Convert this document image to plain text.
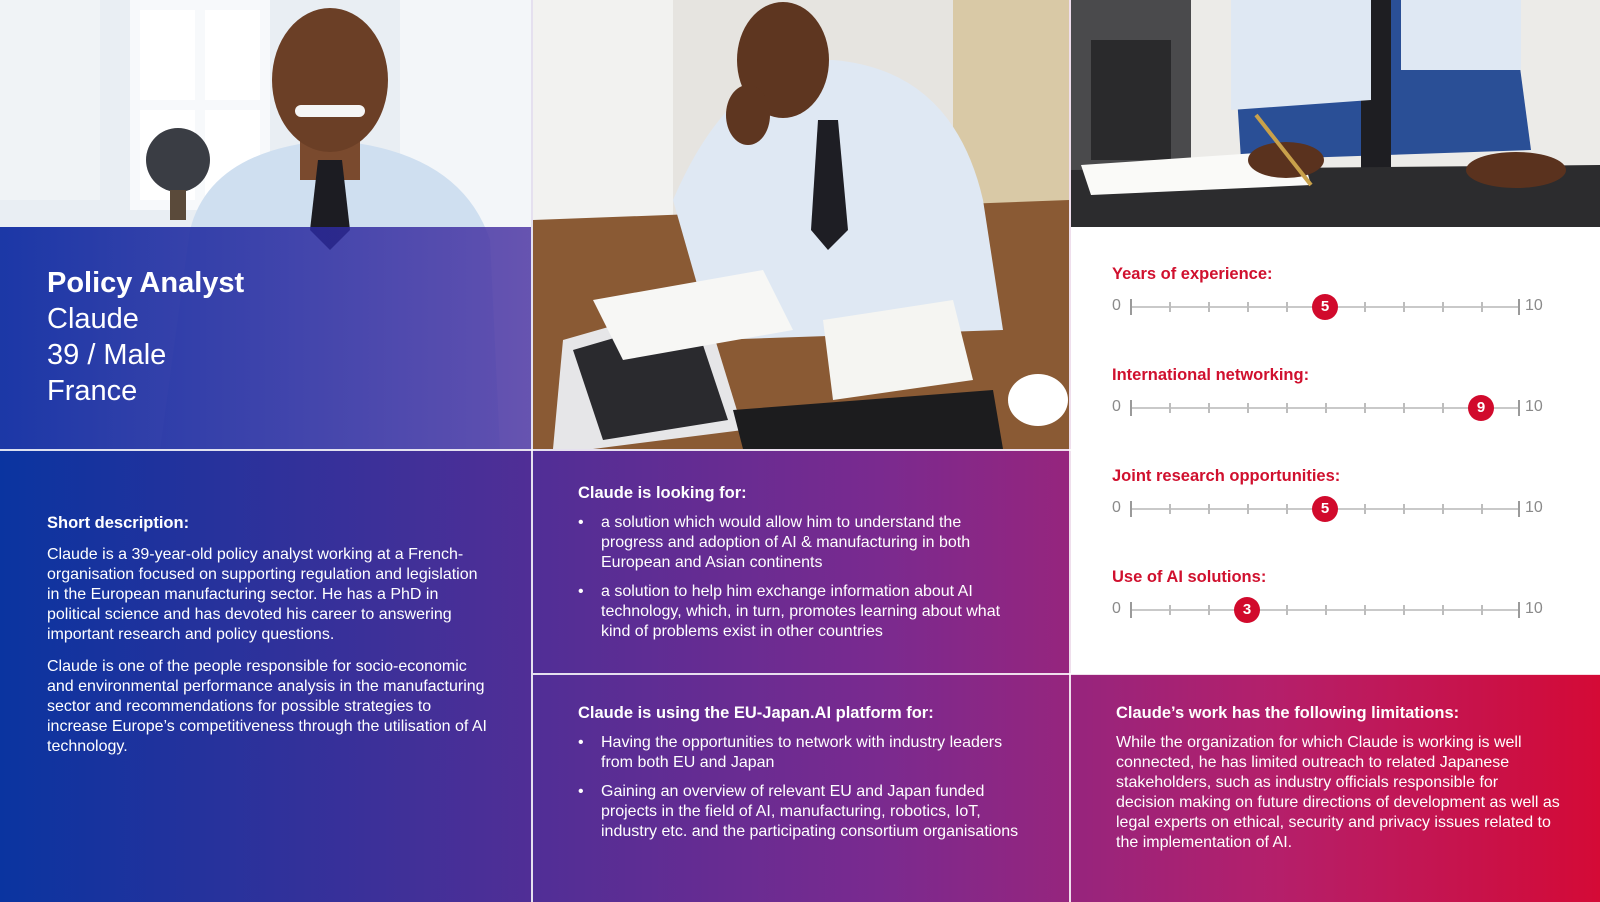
Policy Analyst
Claude
39 / Male
France
Years of experience:
0	5	10
International networking:
0	9	10
Joint research opportunities:
0	5	10
Use of AI solutions:
0	3	10
Short description:

Claude is a 39-year-old policy analyst working at a French-organisation focused on supporting regulation and legislation in the European manufacturing sector. He has a PhD in political science and has devoted his career to answering important research and policy questions.

Claude is one of the people responsible for socio-economic and environmental performance analysis in the manufacturing sector and recommendations for possible strategies to increase Europe’s competitiveness through the utilisation of AI technology.

Claude is looking for:
• a solution which would allow him to understand the progress and adoption of AI & manufacturing in both European and Asian continents
• a solution to help him exchange information about AI technology, which, in turn, promotes learning about what kind of problems exist in other countries
Claude is using the EU-Japan.AI platform for:
• Having the opportunities to network with industry leaders from both EU and Japan
• Gaining an overview of relevant EU and Japan funded projects in the field of AI, manufacturing, robotics, IoT, industry etc. and the participating consortium organisations
Claude’s work has the following limitations:

While the organization for which Claude is working is well connected, he has limited outreach to related Japanese stakeholders, such as industry officials responsible for decision making on future directions of development as well as legal experts on ethical, security and privacy issues related to the implementation of AI.
